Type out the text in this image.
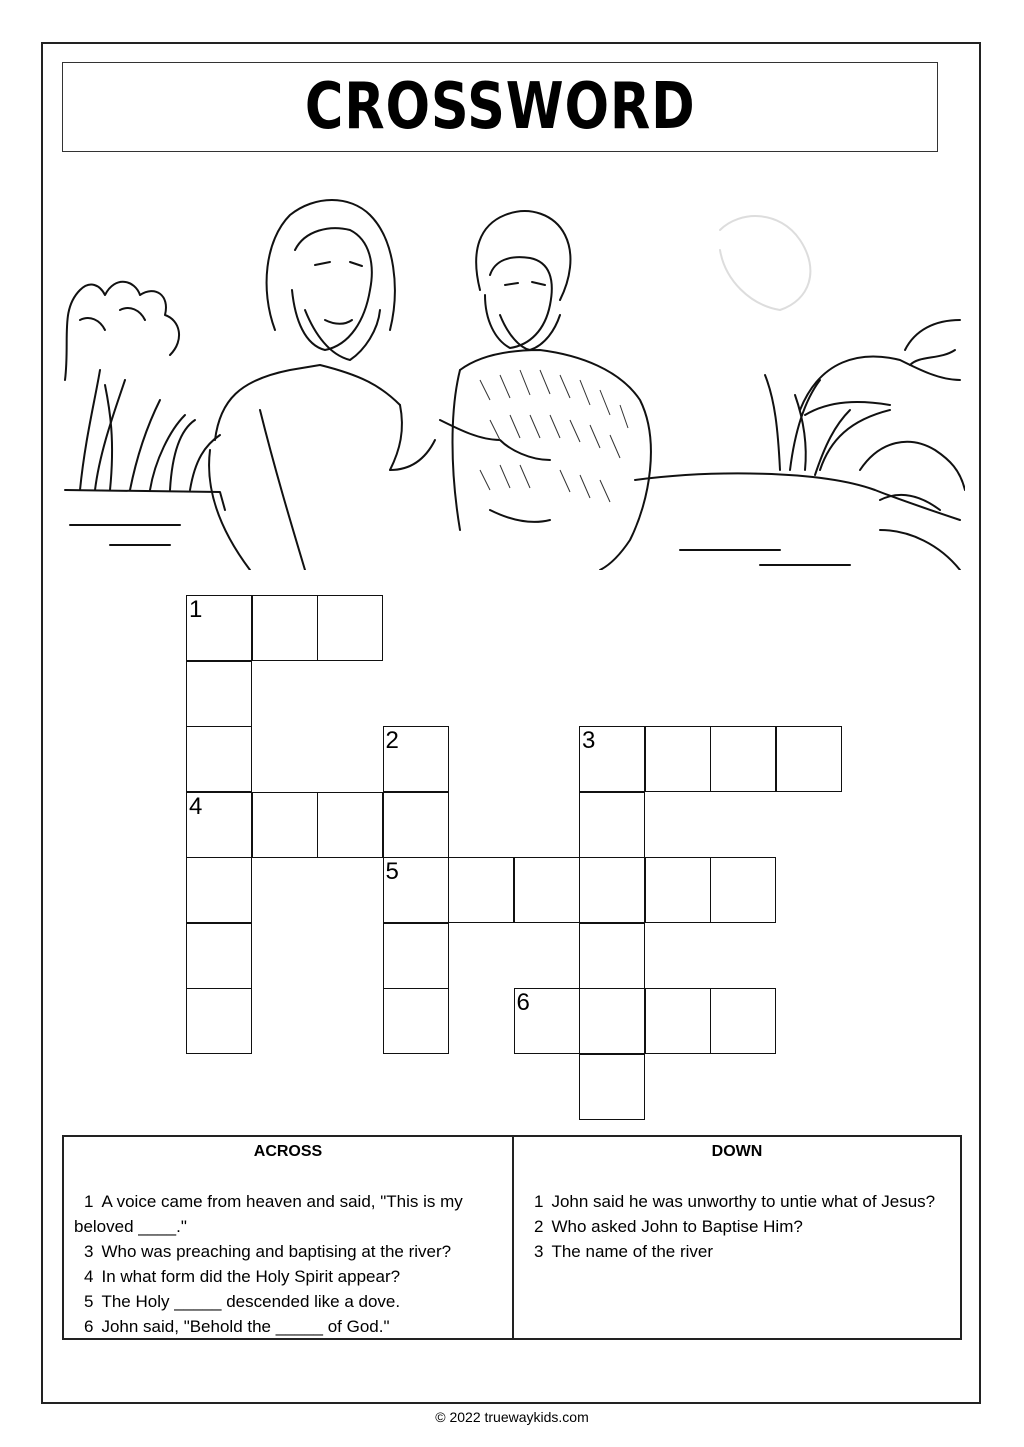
CROSSWORD
1
2	3
4
5
6
ACROSS
1 A voice came from heaven and said, "This is my beloved ____."
3 Who was preaching and baptising at the river?
4 In what form did the Holy Spirit appear?
5 The Holy _____ descended like a dove.
6 John said, "Behold the _____ of God."
DOWN
1 John said he was unworthy to untie what of Jesus?
2 Who asked John to Baptise Him?
3 The name of the river
© 2022 truewaykids.com
